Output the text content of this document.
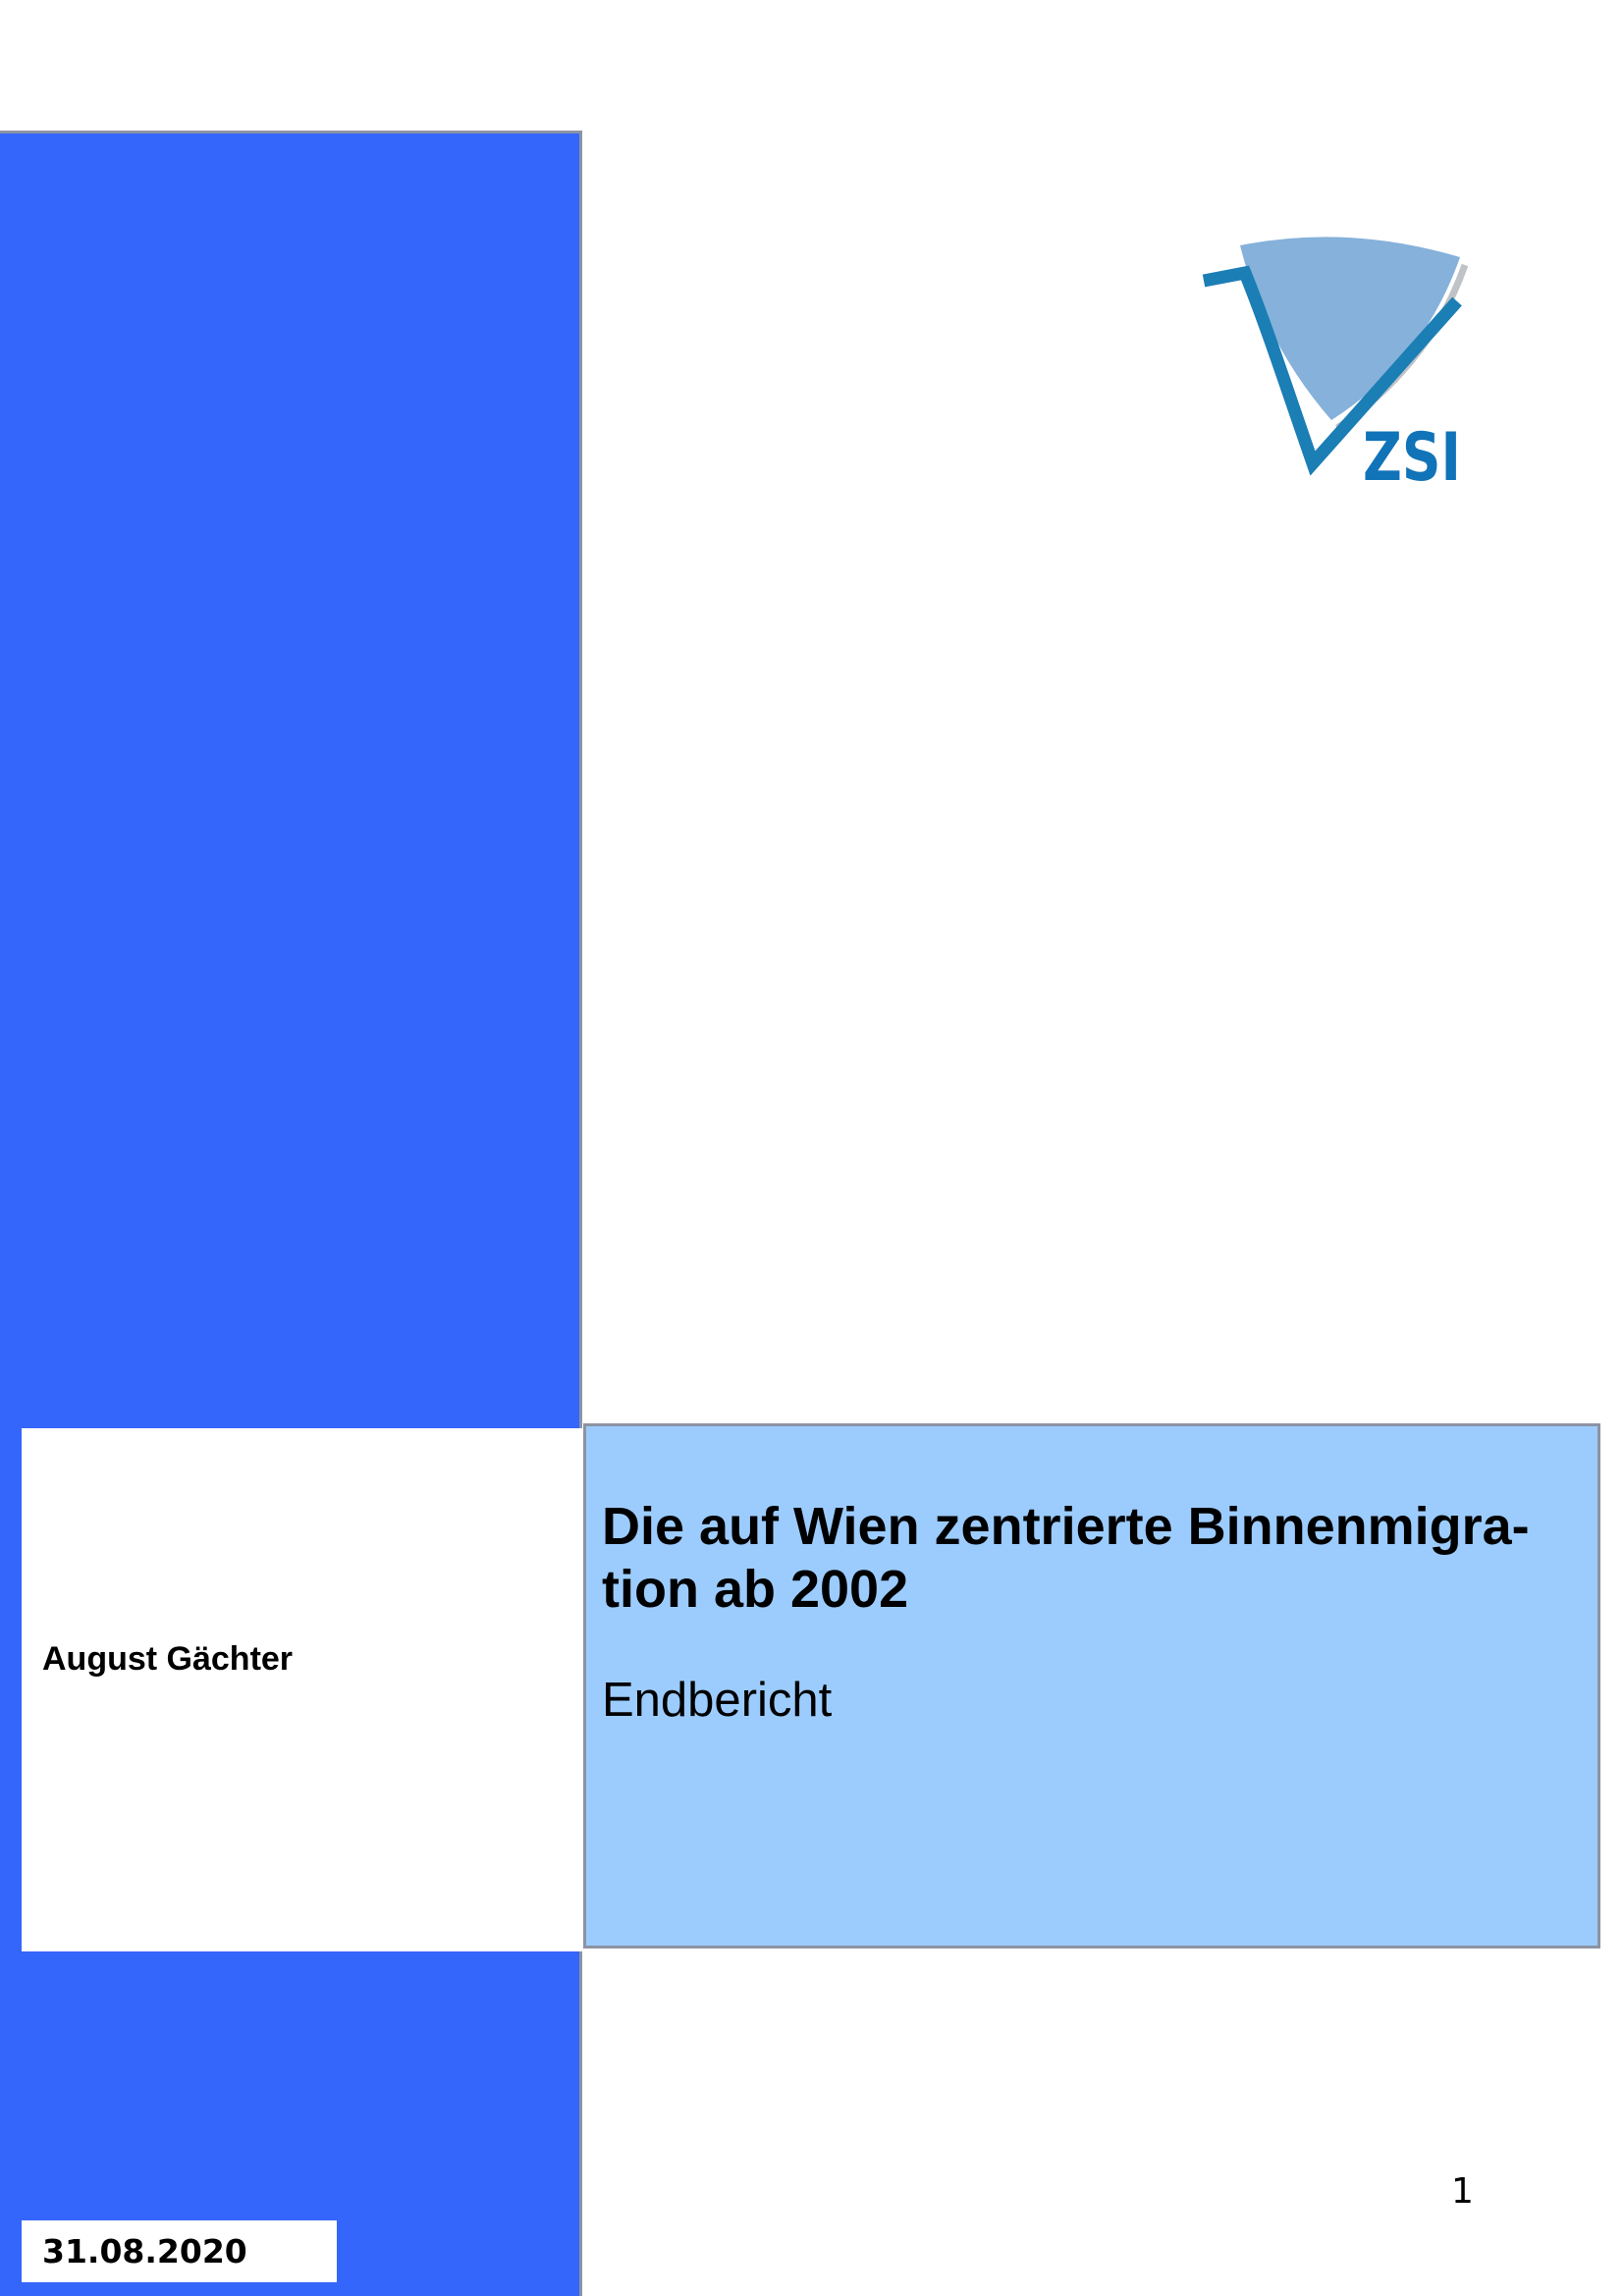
ZSI
August Gächter
Die auf Wien zentrierte Binnenmigra-
tion ab 2002
Endbericht
31.08.2020
1
